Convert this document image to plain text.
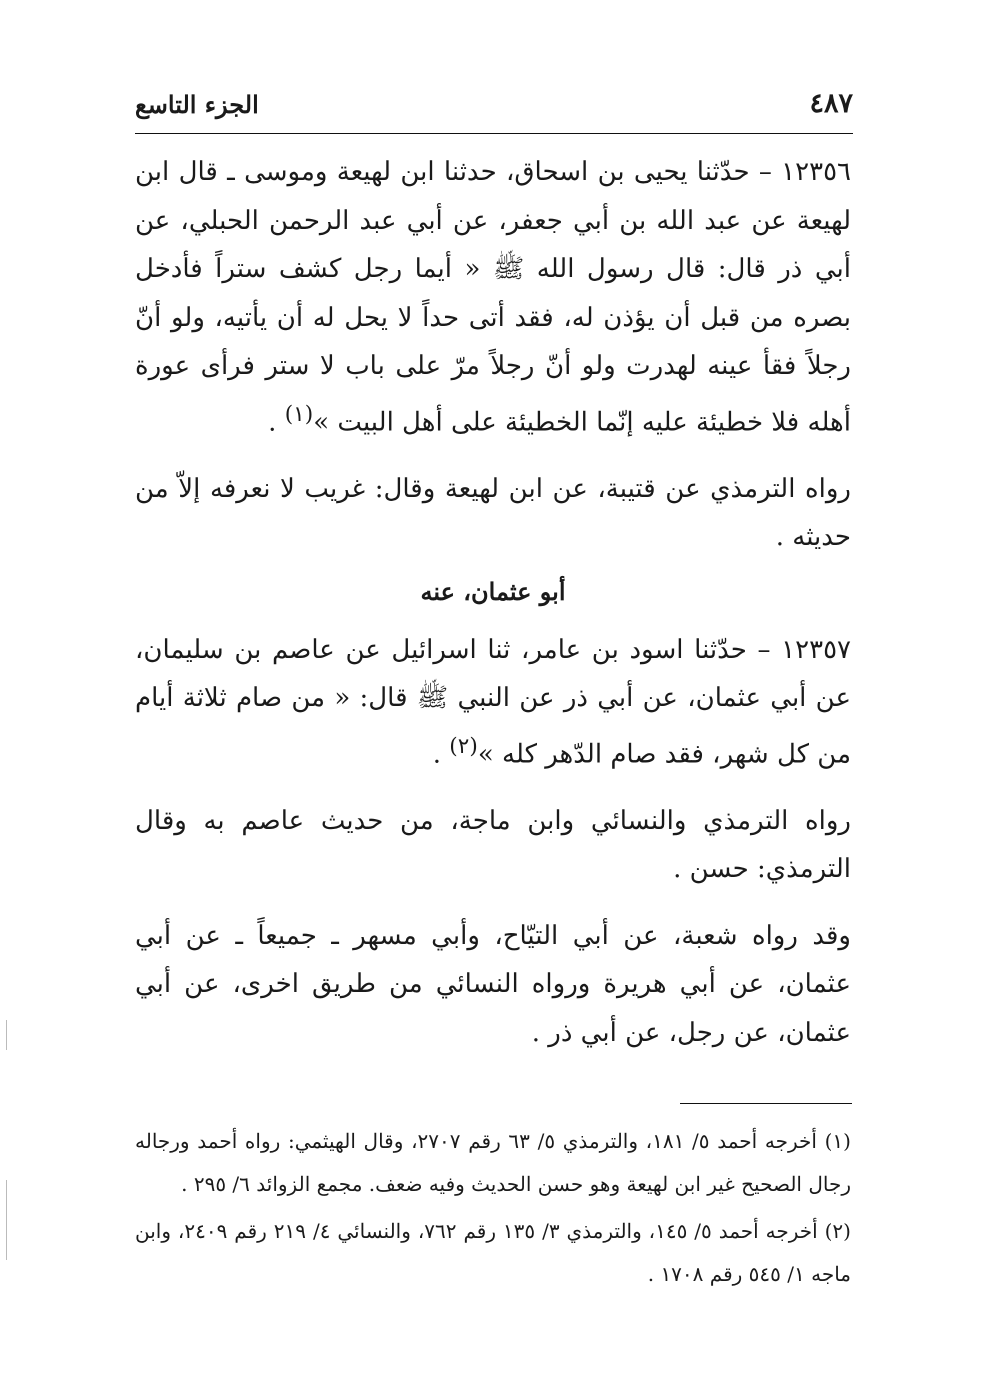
٤٨٧
الجزء التاسع

١٢٣٥٦ – حدّثنا يحيى بن اسحاق، حدثنا ابن لهيعة وموسى ـ قال ابن لهيعة عن عبد الله بن أبي جعفر، عن أبي عبد الرحمن الحبلي، عن أبي ذر قال: قال رسول الله ﷺ « أيما رجل كشف ستراً فأدخل بصره من قبل أن يؤذن له، فقد أتى حداً لا يحل له أن يأتيه، ولو أنّ رجلاً فقأ عينه لهدرت ولو أنّ رجلاً مرّ على باب لا ستر فرأى عورة أهله فلا خطيئة عليه إنّما الخطيئة على أهل البيت »$^{(١)}$ .

رواه الترمذي عن قتيبة، عن ابن لهيعة وقال: غريب لا نعرفه إلاّ من حديثه .

أبو عثمان، عنه

١٢٣٥٧ – حدّثنا اسود بن عامر، ثنا اسرائيل عن عاصم بن سليمان، عن أبي عثمان، عن أبي ذر عن النبي ﷺ قال: « من صام ثلاثة أيام من كل شهر، فقد صام الدّهر كله »$^{(٢)}$ .

رواه الترمذي والنسائي وابن ماجة، من حديث عاصم به وقال الترمذي: حسن .

وقد رواه شعبة، عن أبي التيّاح، وأبي مسهر ـ جميعاً ـ عن أبي عثمان، عن أبي هريرة ورواه النسائي من طريق اخرى، عن أبي عثمان، عن رجل، عن أبي ذر .

(١) أخرجه أحمد ٥/ ١٨١، والترمذي ٥/ ٦٣ رقم ٢٧٠٧، وقال الهيثمي: رواه أحمد ورجاله رجال الصحيح غير ابن لهيعة وهو حسن الحديث وفيه ضعف. مجمع الزوائد ٦/ ٢٩٥ .

(٢) أخرجه أحمد ٥/ ١٤٥، والترمذي ٣/ ١٣٥ رقم ٧٦٢، والنسائي ٤/ ٢١٩ رقم ٢٤٠٩، وابن ماجه ١/ ٥٤٥ رقم ١٧٠٨ .
